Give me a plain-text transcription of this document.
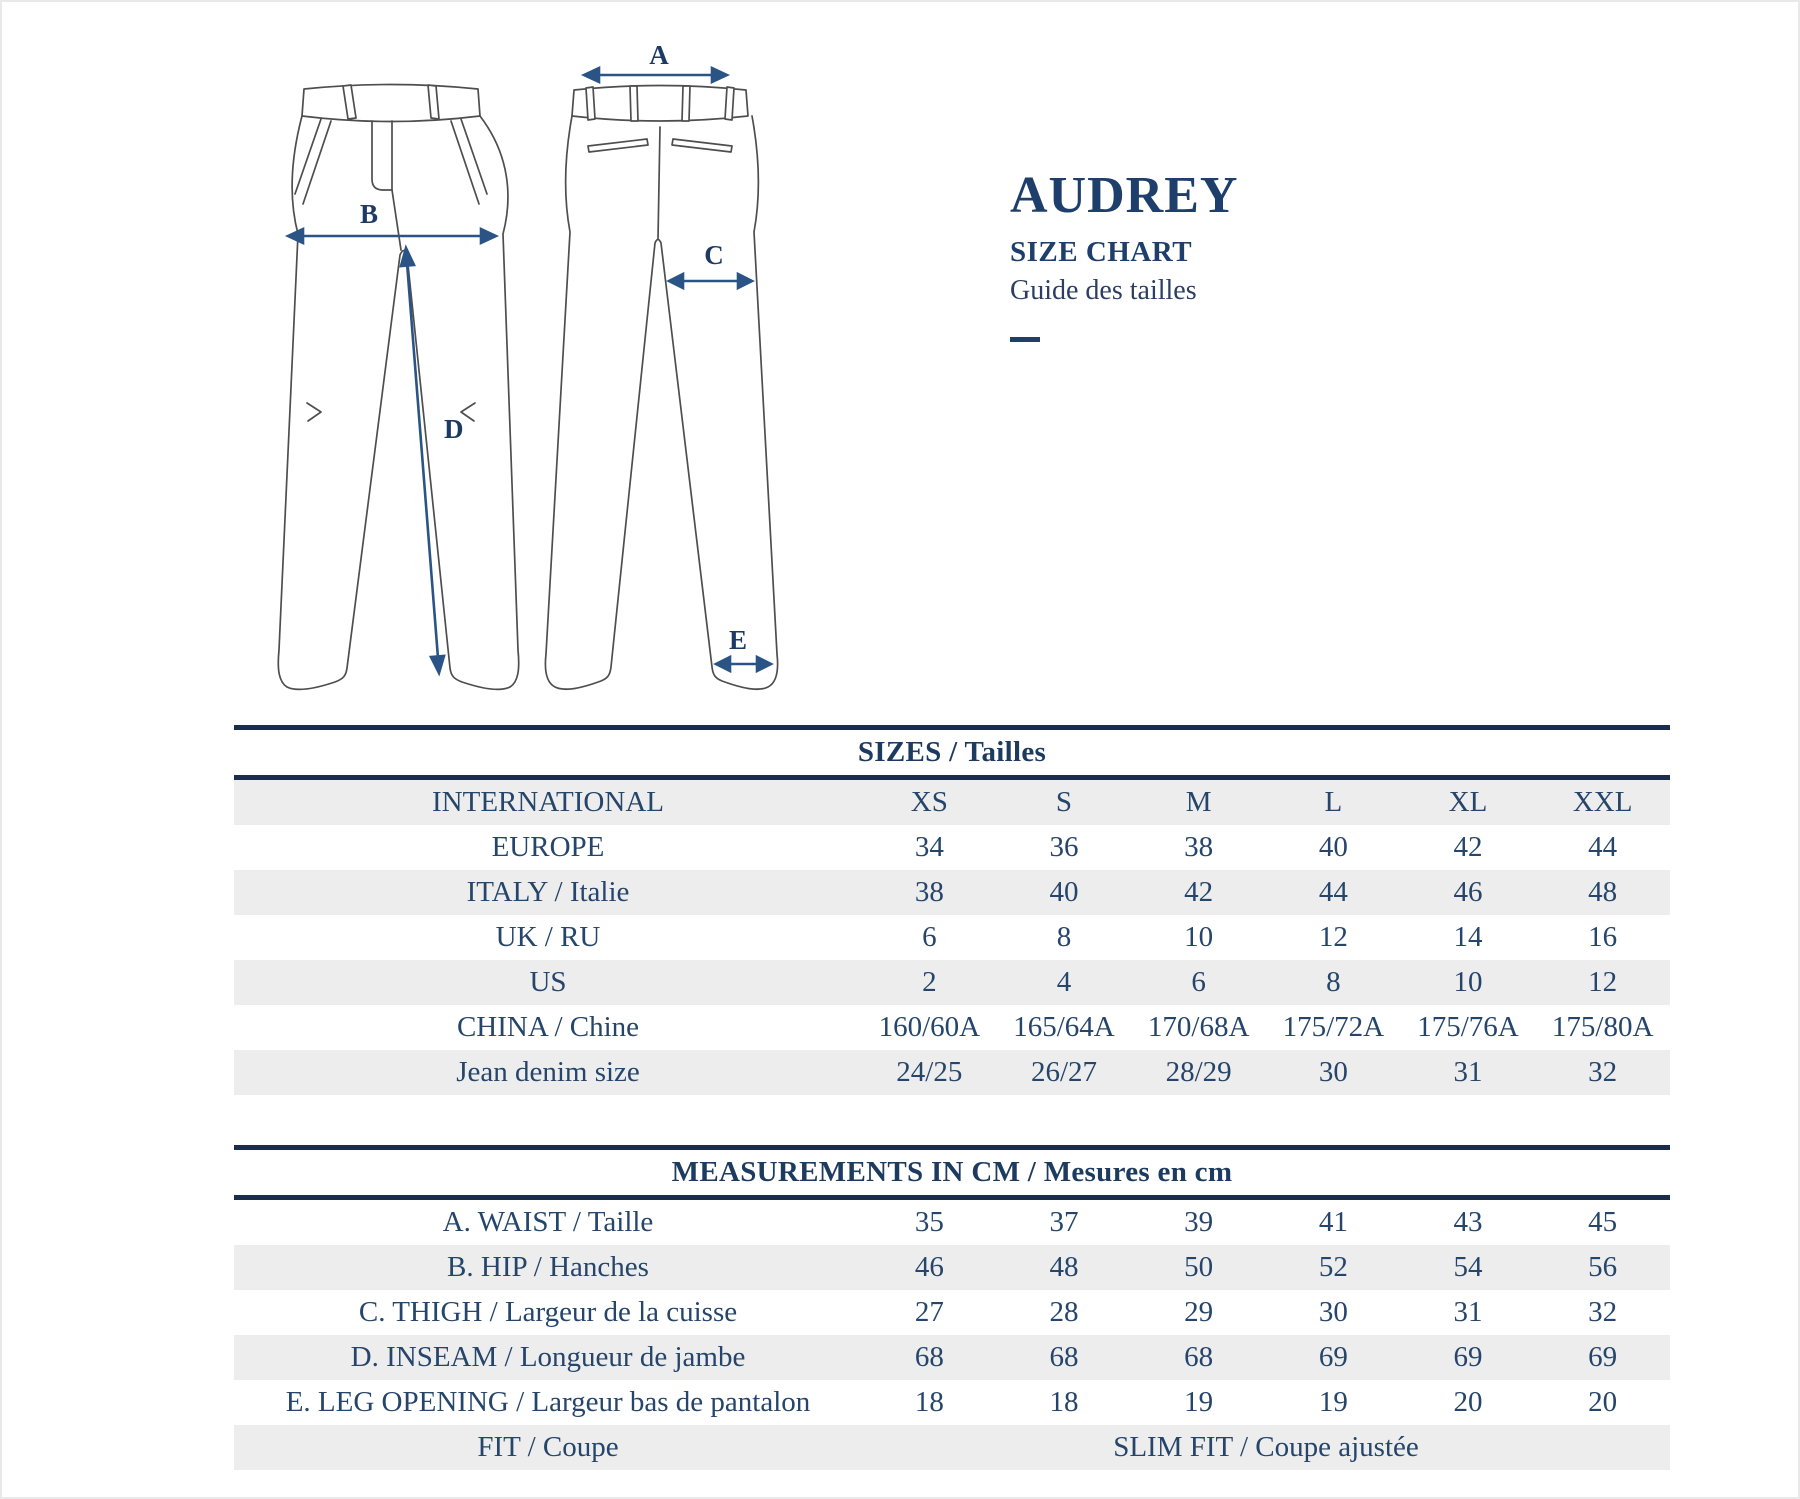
A
B
C
D
E
AUDREY
SIZE CHART
Guide des tailles
SIZES / Tailles
INTERNATIONAL	XS	S	M	L	XL	XXL
EUROPE	34	36	38	40	42	44
ITALY / Italie	38	40	42	44	46	48
UK / RU	6	8	10	12	14	16
US	2	4	6	8	10	12
CHINA / Chine	160/60A	165/64A	170/68A	175/72A	175/76A	175/80A
Jean denim size	24/25	26/27	28/29	30	31	32
MEASUREMENTS IN CM / Mesures en cm
A. WAIST / Taille	35	37	39	41	43	45
B. HIP / Hanches	46	48	50	52	54	56
C. THIGH / Largeur de la cuisse	27	28	29	30	31	32
D. INSEAM / Longueur de jambe	68	68	68	69	69	69
E. LEG OPENING / Largeur bas de pantalon	18	18	19	19	20	20
FIT / Coupe	SLIM FIT / Coupe ajustée
